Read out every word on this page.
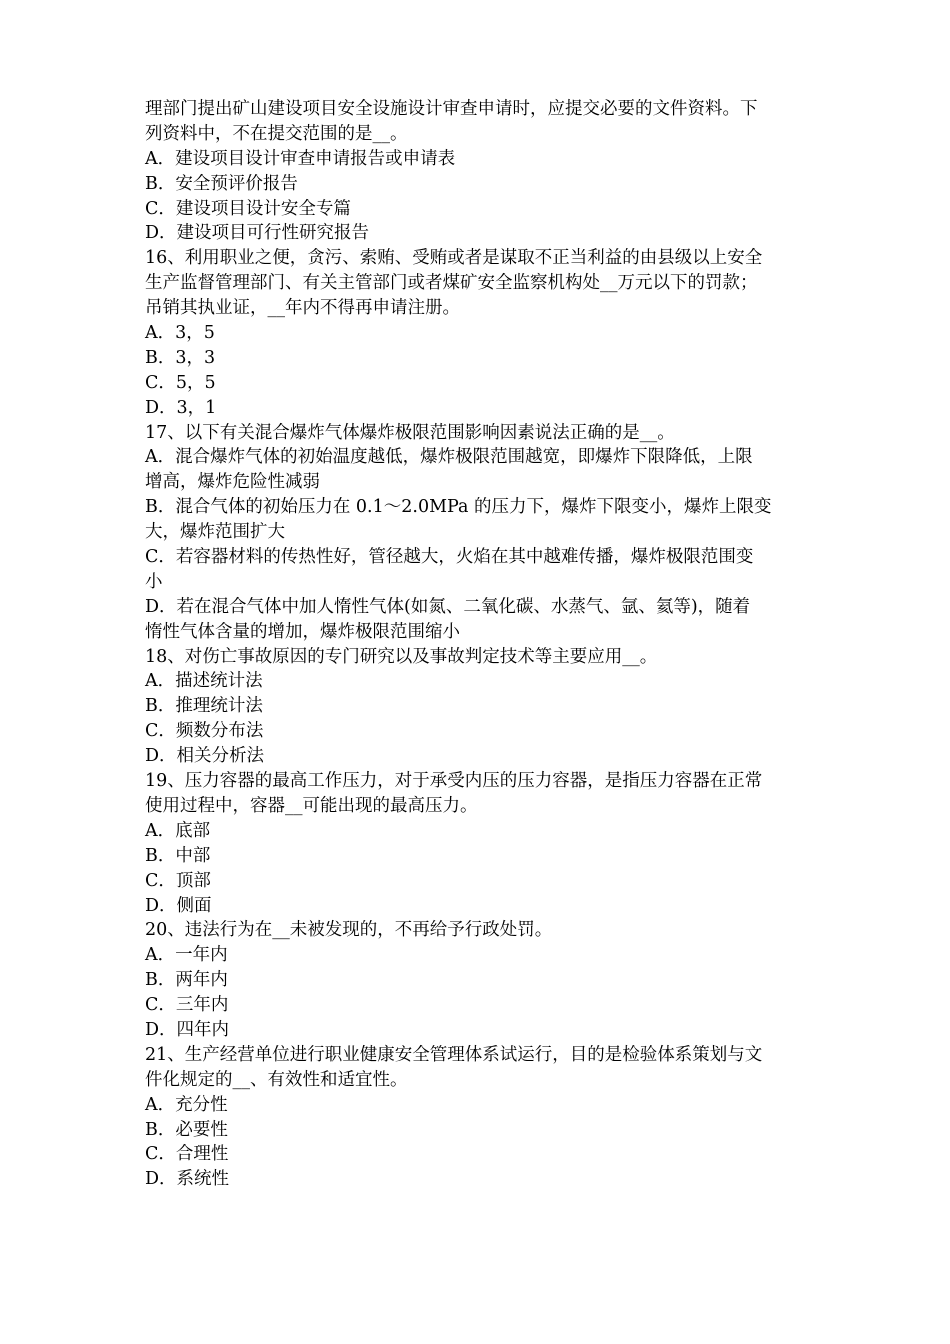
理部门提出矿山建设项目安全设施设计审查申请时，应提交必要的文件资料。下
列资料中，不在提交范围的是__。
A．建设项目设计审查申请报告或申请表
B．安全预评价报告
C．建设项目设计安全专篇
D．建设项目可行性研究报告
16、利用职业之便，贪污、索贿、受贿或者是谋取不正当利益的由县级以上安全
生产监督管理部门、有关主管部门或者煤矿安全监察机构处__万元以下的罚款；
吊销其执业证，__年内不得再申请注册。
A．3，5
B．3，3
C．5，5
D．3，1
17、以下有关混合爆炸气体爆炸极限范围影响因素说法正确的是__。
A．混合爆炸气体的初始温度越低，爆炸极限范围越宽，即爆炸下限降低，上限
增高，爆炸危险性减弱
B．混合气体的初始压力在 0.1～2.0MPa 的压力下，爆炸下限变小，爆炸上限变
大，爆炸范围扩大
C．若容器材料的传热性好，管径越大，火焰在其中越难传播，爆炸极限范围变
小
D．若在混合气体中加人惰性气体(如氮、二氧化碳、水蒸气、氩、氦等)，随着
惰性气体含量的增加，爆炸极限范围缩小
18、对伤亡事故原因的专门研究以及事故判定技术等主要应用__。
A．描述统计法
B．推理统计法
C．频数分布法
D．相关分析法
19、压力容器的最高工作压力，对于承受内压的压力容器，是指压力容器在正常
使用过程中，容器__可能出现的最高压力。
A．底部
B．中部
C．顶部
D．侧面
20、违法行为在__未被发现的，不再给予行政处罚。
A．一年内
B．两年内
C．三年内
D．四年内
21、生产经营单位进行职业健康安全管理体系试运行，目的是检验体系策划与文
件化规定的__、有效性和适宜性。
A．充分性
B．必要性
C．合理性
D．系统性
